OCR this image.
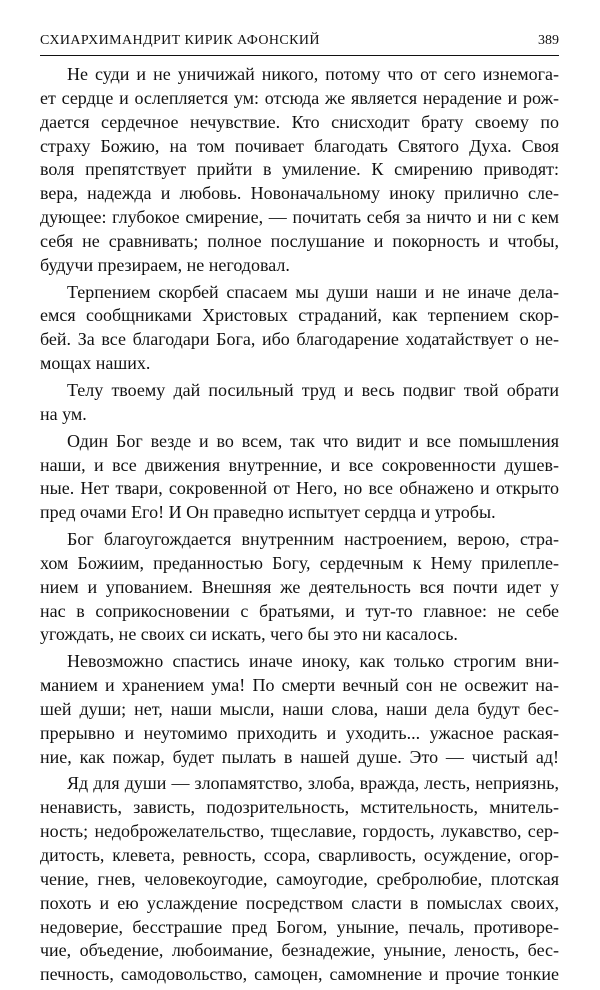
СХИАРХИМАНДРИТ КИРИК АФОНСКИЙ	389
Не суди и не уничижай никого, потому что от сего изнемога-
ет сердце и ослепляется ум: отсюда же является нерадение и рож-
дается сердечное нечувствие. Кто снисходит брату своему по
страху Божию, на том почивает благодать Святого Духа. Своя
воля препятствует прийти в умиление. К смирению приводят:
вера, надежда и любовь. Новоначальному иноку прилично сле-
дующее: глубокое смирение, — почитать себя за ничто и ни с кем
себя не сравнивать; полное послушание и покорность и чтобы,
будучи презираем, не негодовал.
Терпением скорбей спасаем мы души наши и не иначе дела-
емся сообщниками Христовых страданий, как терпением скор-
бей. За все благодари Бога, ибо благодарение ходатайствует о не-
мощах наших.
Телу твоему дай посильный труд и весь подвиг твой обрати
на ум.
Один Бог везде и во всем, так что видит и все помышления
наши, и все движения внутренние, и все сокровенности душев-
ные. Нет твари, сокровенной от Него, но все обнажено и открыто
пред очами Его! И Он праведно испытует сердца и утробы.
Бог благоугождается внутренним настроением, верою, стра-
хом Божиим, преданностью Богу, сердечным к Нему прилепле-
нием и упованием. Внешняя же деятельность вся почти идет у
нас в соприкосновении с братьями, и тут-то главное: не себе
угождать, не своих си искать, чего бы это ни касалось.
Невозможно спастись иначе иноку, как только строгим вни-
манием и хранением ума! По смерти вечный сон не освежит на-
шей души; нет, наши мысли, наши слова, наши дела будут бес-
прерывно и неутомимо приходить и уходить... ужасное раская-
ние, как пожар, будет пылать в нашей душе. Это — чистый ад!
Яд для души — злопамятство, злоба, вражда, лесть, неприязнь,
ненависть, зависть, подозрительность, мстительность, мнитель-
ность; недоброжелательство, тщеславие, гордость, лукавство, сер-
дитость, клевета, ревность, ссора, сварливость, осуждение, огор-
чение, гнев, человекоугодие, самоугодие, сребролюбие, плотская
похоть и ею услаждение посредством сласти в помыслах своих,
недоверие, бесстрашие пред Богом, уныние, печаль, противоре-
чие, объедение, любоимание, безнадежие, уныние, леность, бес-
печность, самодовольство, самоцен, самомнение и прочие тонкие
